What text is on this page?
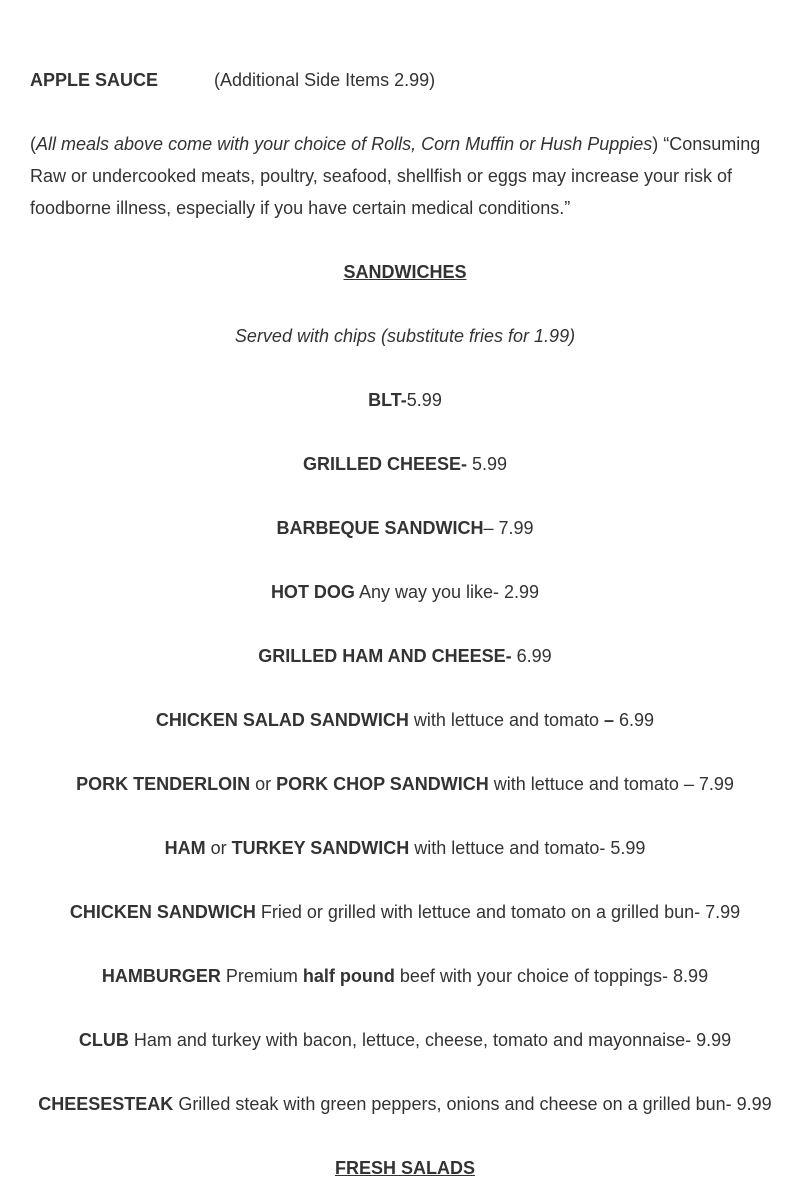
APPLE SAUCE	(Additional Side Items 2.99)

(All meals above come with your choice of Rolls, Corn Muffin or Hush Puppies) “Consuming Raw or undercooked meats, poultry, seafood, shellfish or eggs may increase your risk of foodborne illness, especially if you have certain medical conditions.”

SANDWICHES

Served with chips (substitute fries for 1.99)

BLT-5.99

GRILLED CHEESE- 5.99

BARBEQUE SANDWICH– 7.99

HOT DOG Any way you like- 2.99

GRILLED HAM AND CHEESE- 6.99

CHICKEN SALAD SANDWICH with lettuce and tomato – 6.99

PORK TENDERLOIN or PORK CHOP SANDWICH with lettuce and tomato – 7.99

HAM or TURKEY SANDWICH with lettuce and tomato- 5.99

CHICKEN SANDWICH Fried or grilled with lettuce and tomato on a grilled bun- 7.99

HAMBURGER Premium half pound beef with your choice of toppings- 8.99

CLUB Ham and turkey with bacon, lettuce, cheese, tomato and mayonnaise- 9.99

CHEESESTEAK Grilled steak with green peppers, onions and cheese on a grilled bun- 9.99

FRESH SALADS
